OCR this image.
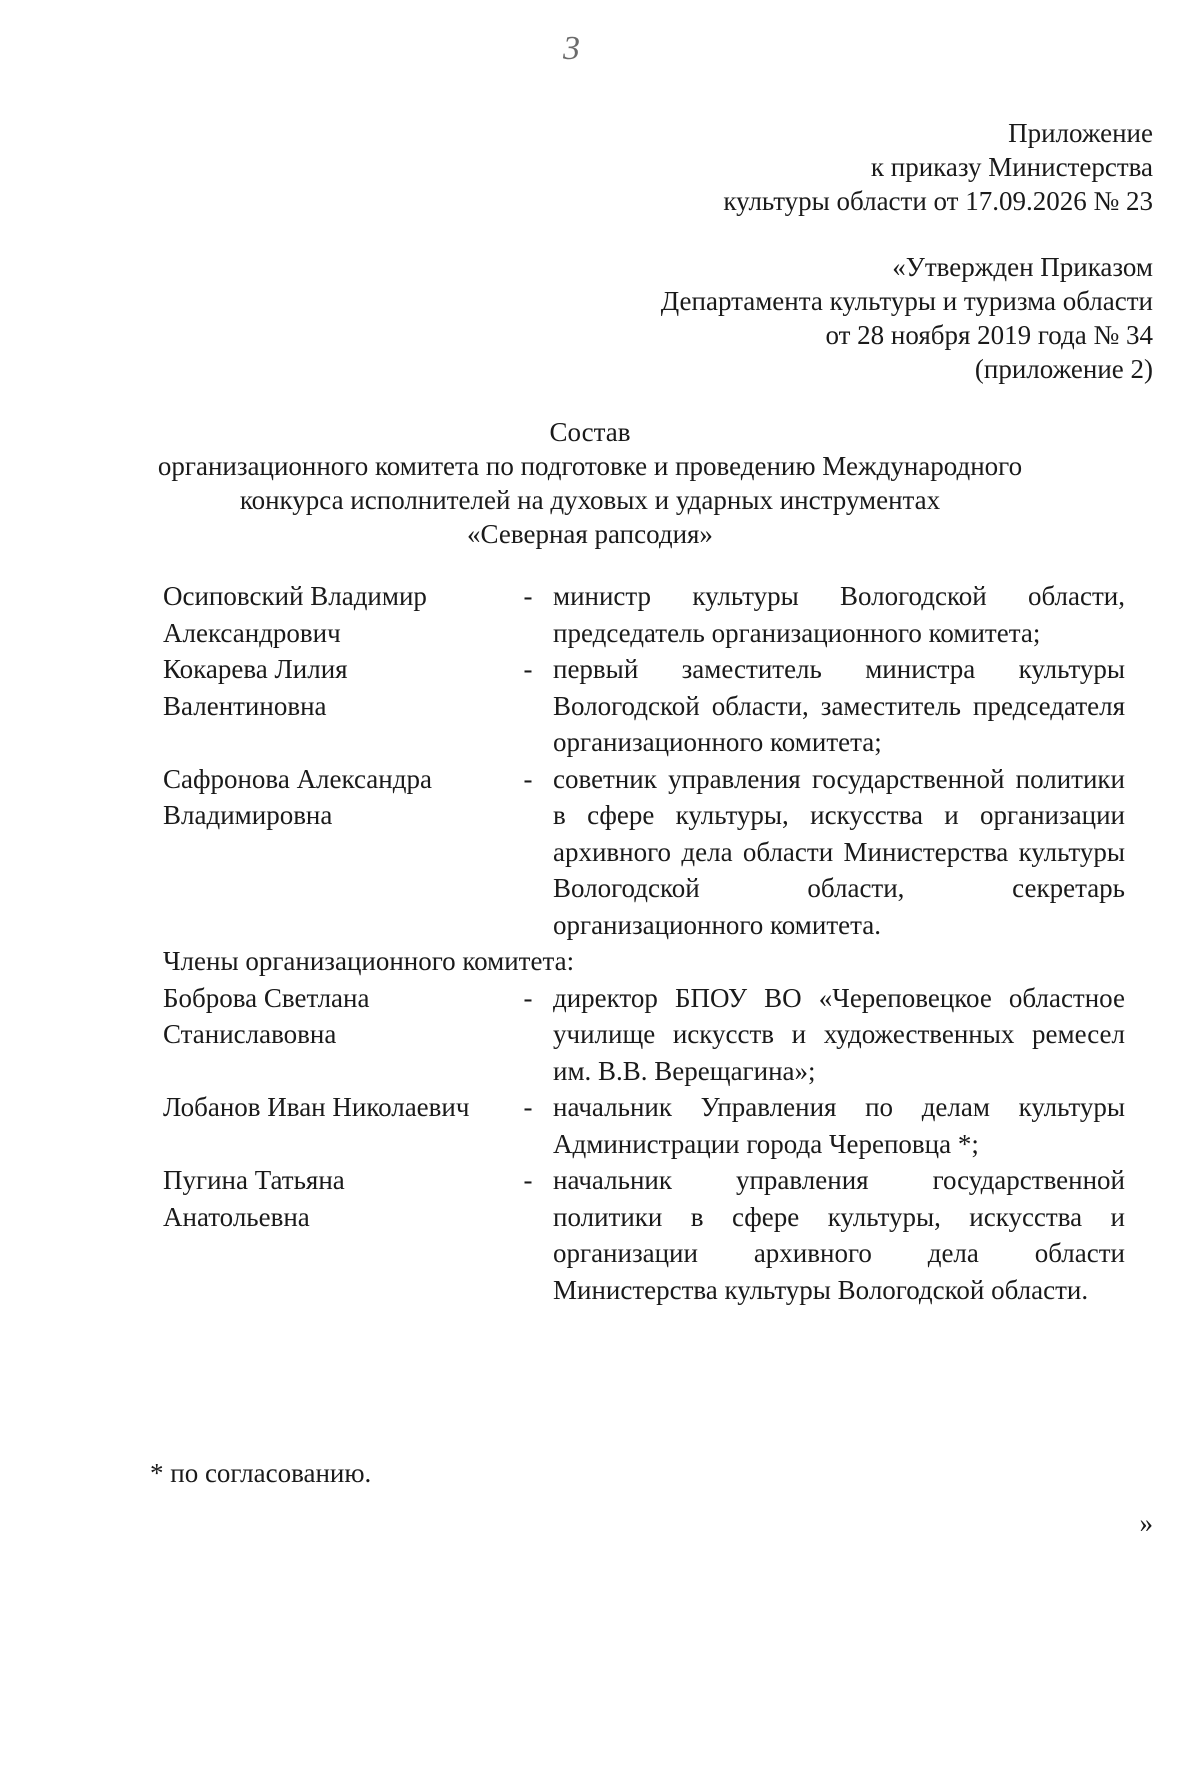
3
Приложение
к приказу Министерства
культуры области от 17.09.2026 № 23
«Утвержден Приказом
Департамента культуры и туризма области
от 28 ноября 2019 года № 34
(приложение 2)
Состав
организационного комитета по подготовке и проведению Международного
конкурса исполнителей на духовых и ударных инструментах
«Северная рапсодия»
Осиповский Владимир Александрович
- министр культуры Вологодской области, председатель организационного комитета;
Кокарева Лилия Валентиновна
- первый заместитель министра культуры Вологодской области, заместитель председателя организационного комитета;
Сафронова Александра Владимировна
- советник управления государственной политики в сфере культуры, искусства и организации архивного дела области Министерства культуры Вологодской области, секретарь организационного комитета.
Члены организационного комитета:
Боброва Светлана Станиславовна
- директор БПОУ ВО «Череповецкое областное училище искусств и художественных ремесел им. В.В. Верещагина»;
Лобанов Иван Николаевич	- начальник Управления по делам культуры Администрации города Череповца *;
Пугина Татьяна Анатольевна
- начальник управления государственной политики в сфере культуры, искусства и организации архивного дела области Министерства культуры Вологодской области.
* по согласованию.
»
